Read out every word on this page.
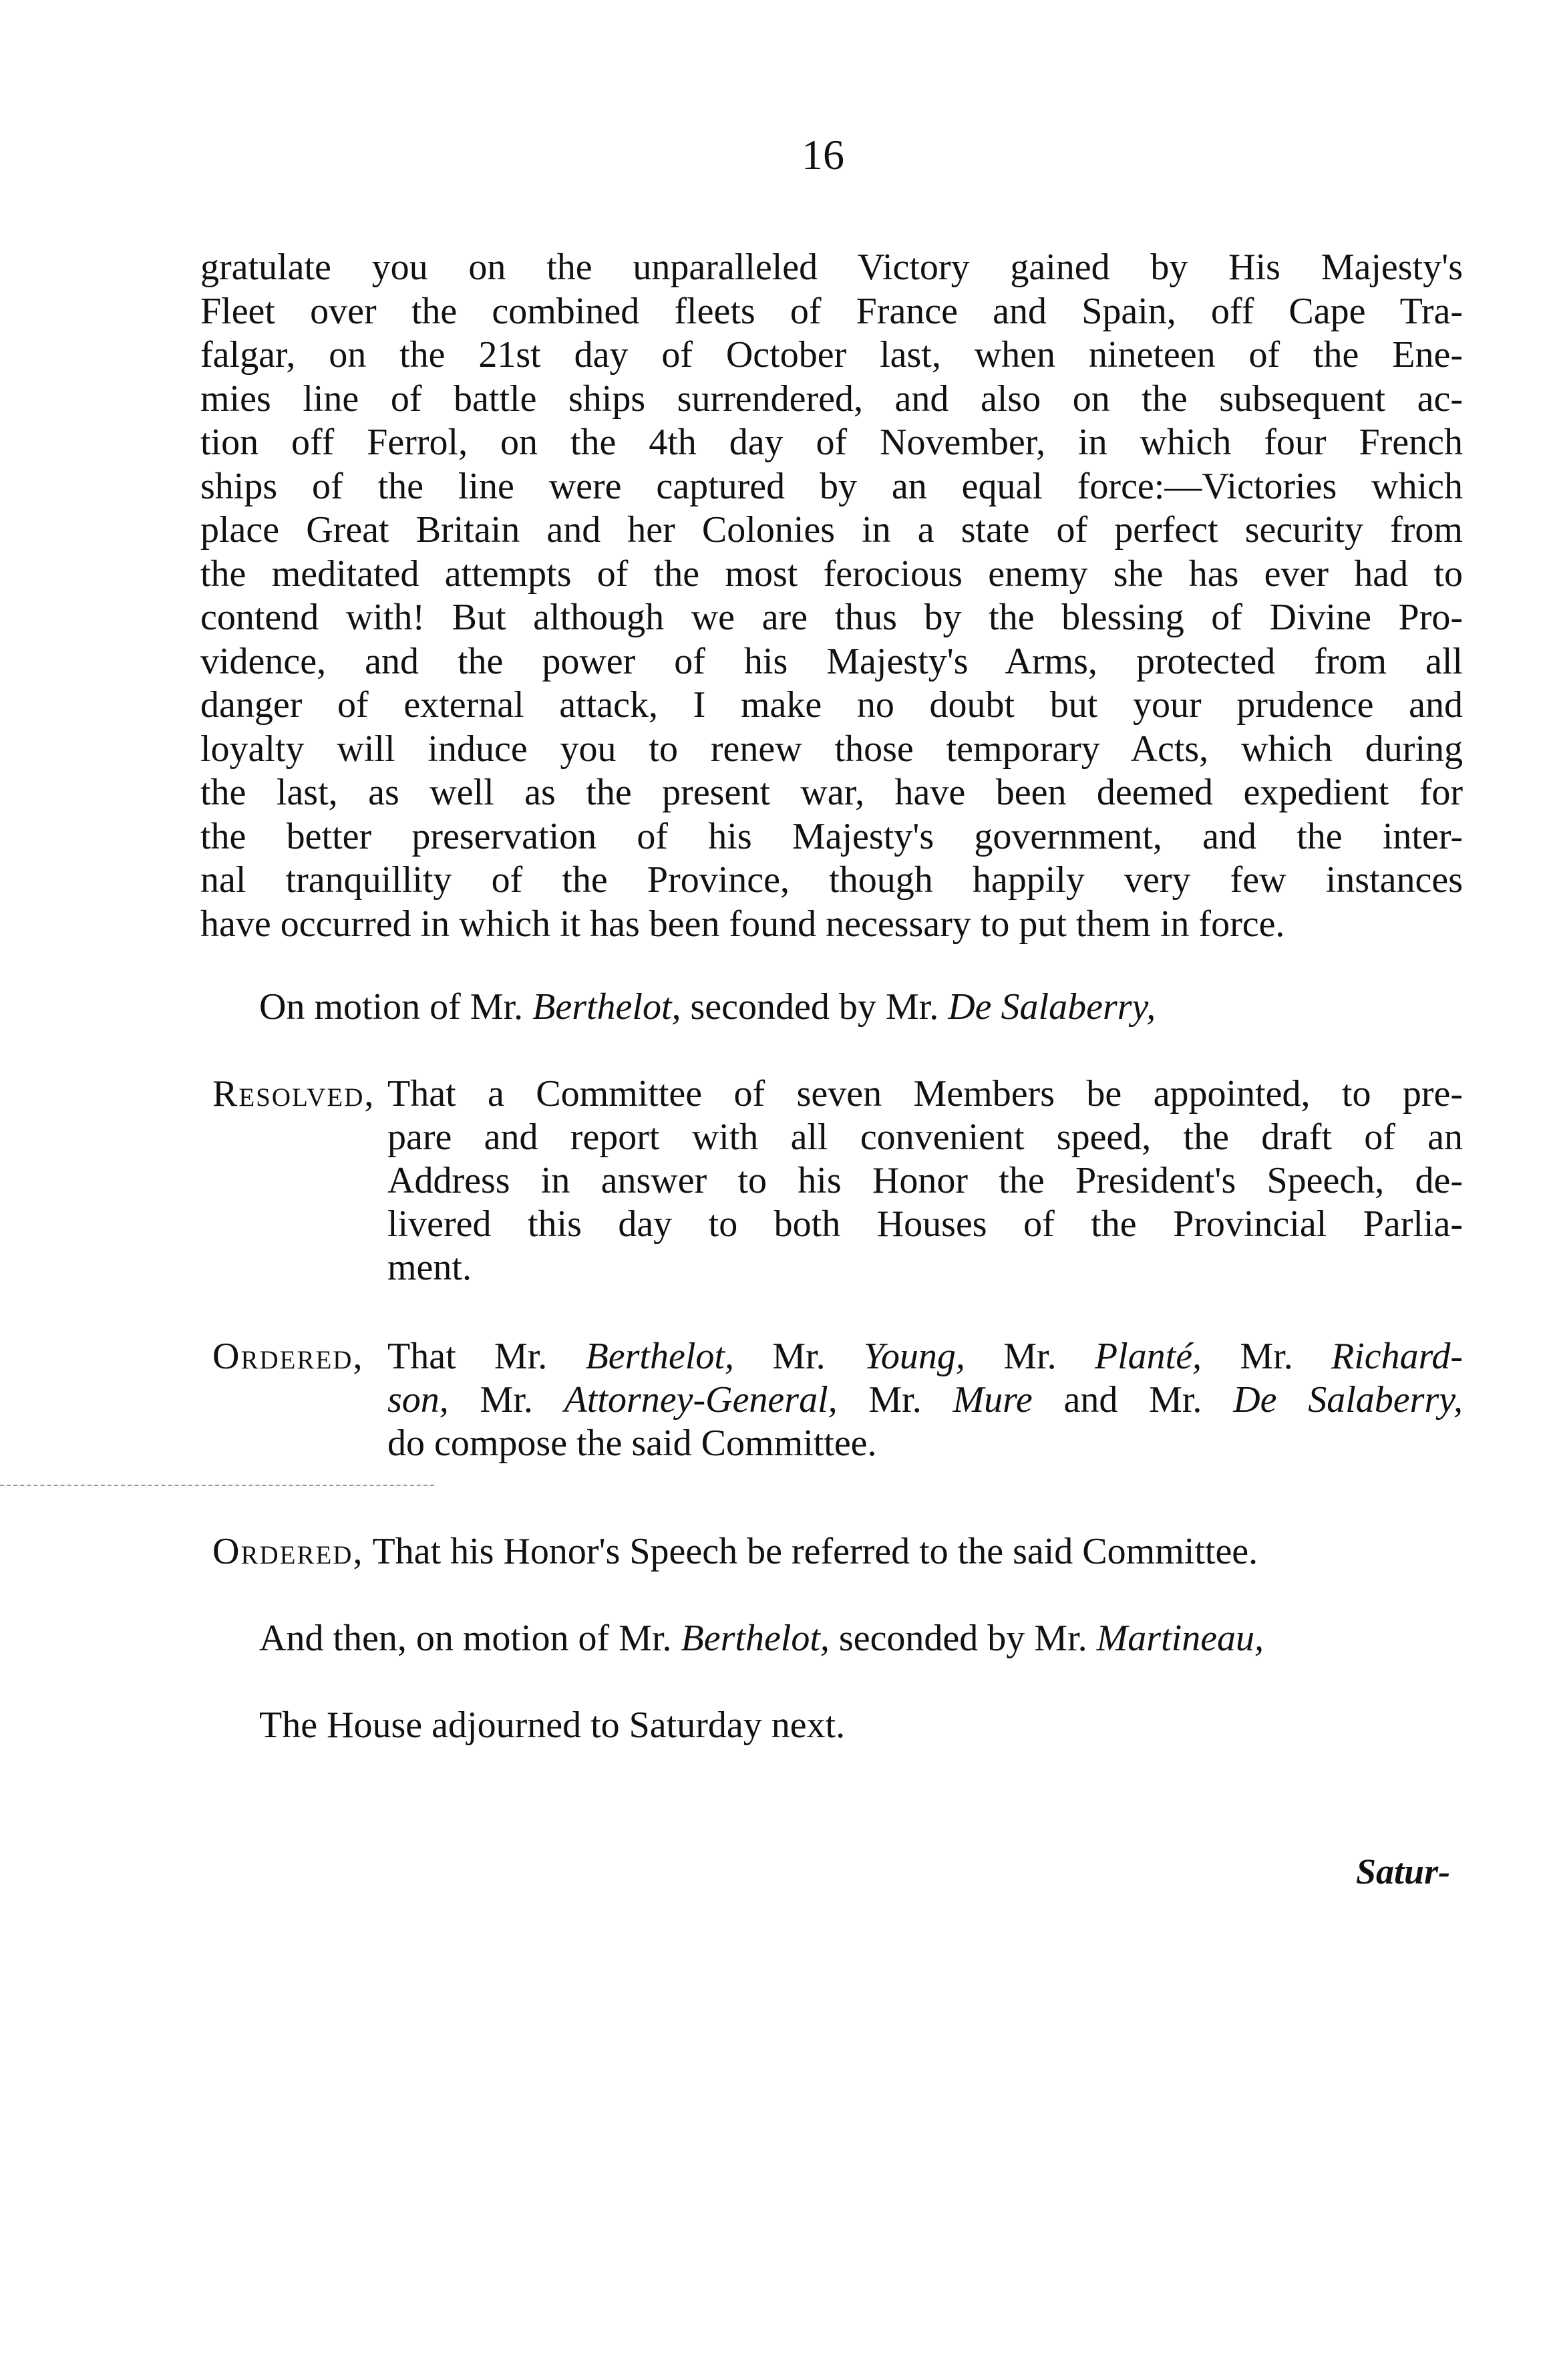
16
gratulate you on the unparalleled Victory gained by His Majesty's
Fleet over the combined fleets of France and Spain, off Cape Tra-
falgar, on the 21st day of October last, when nineteen of the Ene-
mies line of battle ships surrendered, and also on the subsequent ac-
tion off Ferrol, on the 4th day of November, in which four French
ships of the line were captured by an equal force:—Victories which
place Great Britain and her Colonies in a state of perfect security from
the meditated attempts of the most ferocious enemy she has ever had to
contend with! But although we are thus by the blessing of Divine Pro-
vidence, and the power of his Majesty's Arms, protected from all
danger of external attack, I make no doubt but your prudence and
loyalty will induce you to renew those temporary Acts, which during
the last, as well as the present war, have been deemed expedient for
the better preservation of his Majesty's government, and the inter-
nal tranquillity of the Province, though happily very few instances
have occurred in which it has been found necessary to put them in force.
On motion of Mr. Berthelot, seconded by Mr. De Salaberry,
Resolved, That a Committee of seven Members be appointed, to pre-
pare and report with all convenient speed, the draft of an
Address in answer to his Honor the President's Speech, de-
livered this day to both Houses of the Provincial Parlia-
ment.
Ordered, That Mr. Berthelot, Mr. Young, Mr. Planté, Mr. Richard-
son, Mr. Attorney-General, Mr. Mure and Mr. De Salaberry,
do compose the said Committee.
Ordered, That his Honor's Speech be referred to the said Committee.
And then, on motion of Mr. Berthelot, seconded by Mr. Martineau,
The House adjourned to Saturday next.
Satur-
